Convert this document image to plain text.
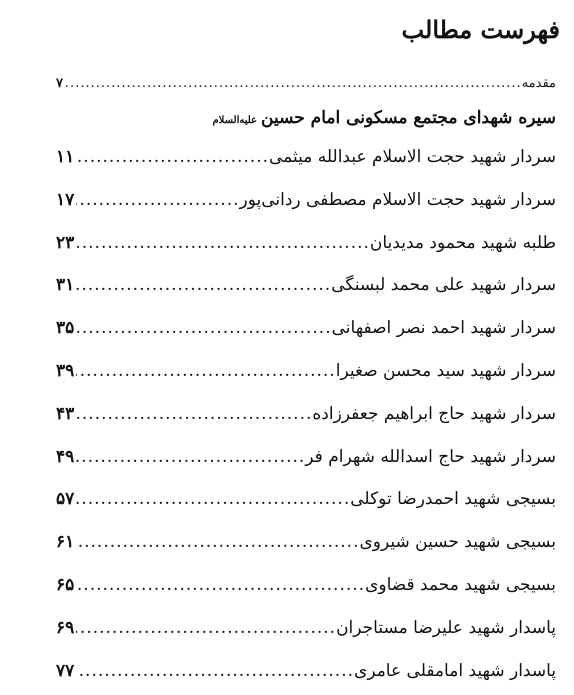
فهرست مطالب
مقدمه
.....
۷
سیره شهدای مجتمع مسکونی امام حسین
علیه‌السلام
سردار شهید حجت الاسلام عبدالله میثمی
.....
۱۱
سردار شهید حجت الاسلام مصطفی ردانی‌پور
.....
۱۷
طلبه شهید محمود مدیدیان
.....
۲۳
سردار شهید علی محمد لبسنگی
.....
۳۱
سردار شهید احمد نصر اصفهانی
.....
۳۵
سردار شهید سید محسن صغیرا
.....
۳۹
سردار شهید حاج ابراهیم جعفرزاده
.....
۴۳
سردار شهید حاج اسدالله شهرام فر
.....
۴۹
بسیجی شهید احمدرضا توکلی
.....
۵۷
بسیجی شهید حسین شیروی
.....
۶۱
بسیجی شهید محمد قضاوی
.....
۶۵
پاسدار شهید علیرضا مستاجران
.....
۶۹
پاسدار شهید امامقلی عامری
.....
۷۷
